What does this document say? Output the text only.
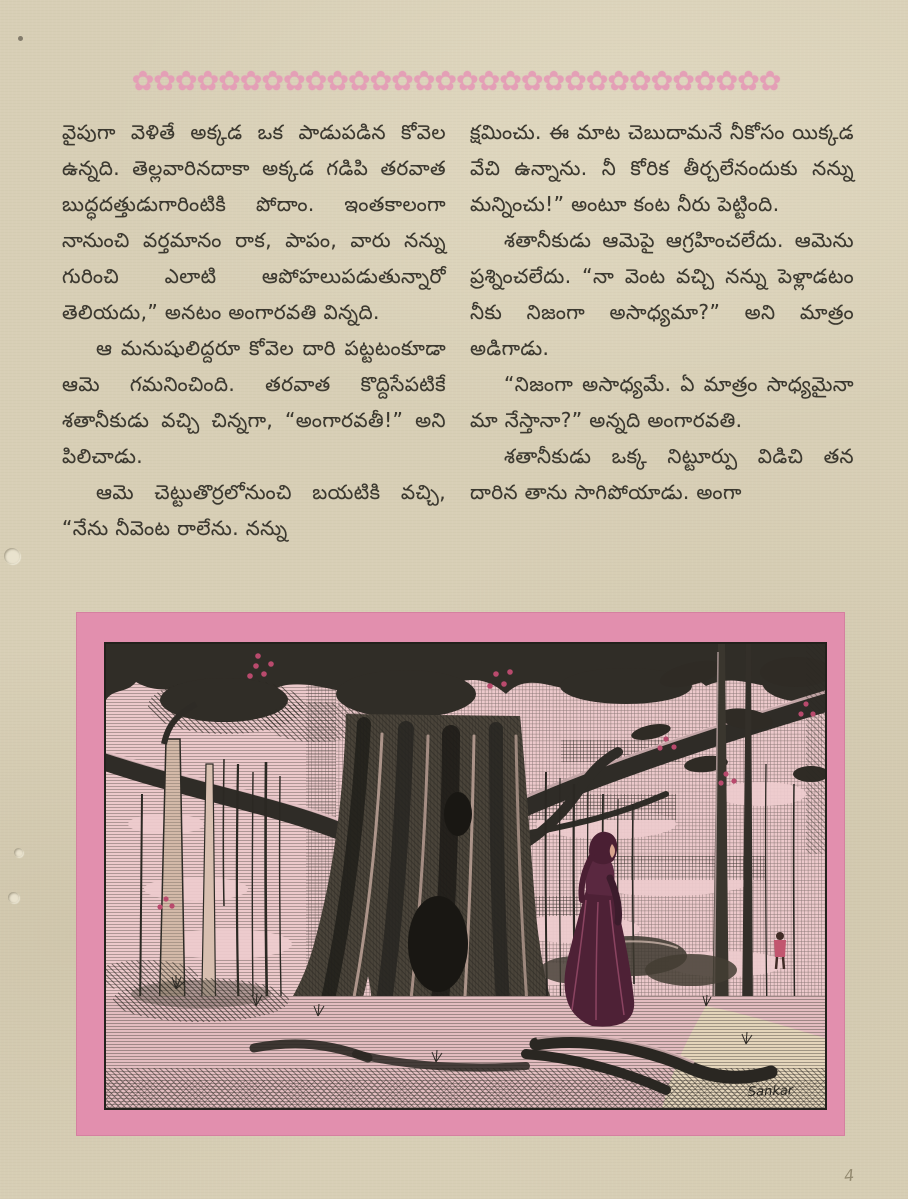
✿✿✿✿✿✿✿✿✿✿✿✿✿✿✿✿✿✿✿✿✿✿✿✿✿✿✿✿✿✿

వైపుగా వెళితే అక్కడ ఒక పాడుపడిన కోవెల ఉన్నది. తెల్లవారినదాకా అక్కడ గడిపి తరవాత బుద్ధదత్తుడుగారింటికి పోదాం. ఇంతకాలంగా నానుంచి వర్తమానం రాక, పాపం, వారు నన్ను గురించి ఎలాటి ఆపోహలుపడుతున్నారో తెలియదు,” అనటం అంగారవతి విన్నది.

ఆ మనుషులిద్దరూ కోవెల దారి పట్టటంకూడా ఆమె గమనించింది. తరవాత కొద్దిసేపటికే శతానీకుడు వచ్చి చిన్నగా, “అంగారవతీ!” అని పిలిచాడు.

ఆమె చెట్టుతొర్రలోనుంచి బయటికి వచ్చి, “నేను నీవెంట రాలేను. నన్ను

క్షమించు. ఈ మాట చెబుదామనే నీకోసం యిక్కడ వేచి ఉన్నాను. నీ కోరిక తీర్చలేనందుకు నన్ను మన్నించు!” అంటూ కంట నీరు పెట్టింది.

శతానీకుడు ఆమెపై ఆగ్రహించలేదు. ఆమెను ప్రశ్నించలేదు. “నా వెంట వచ్చి నన్ను పెళ్లాడటం నీకు నిజంగా అసాధ్యమా?” అని మాత్రం అడిగాడు.

“నిజంగా అసాధ్యమే. ఏ మాత్రం సాధ్యమైనా మా నేస్తానా?” అన్నది అంగారవతి.

శతానీకుడు ఒక్క నిట్టూర్పు విడిచి తన దారిన తాను సాగిపోయాడు. అంగా

Sankar
4
